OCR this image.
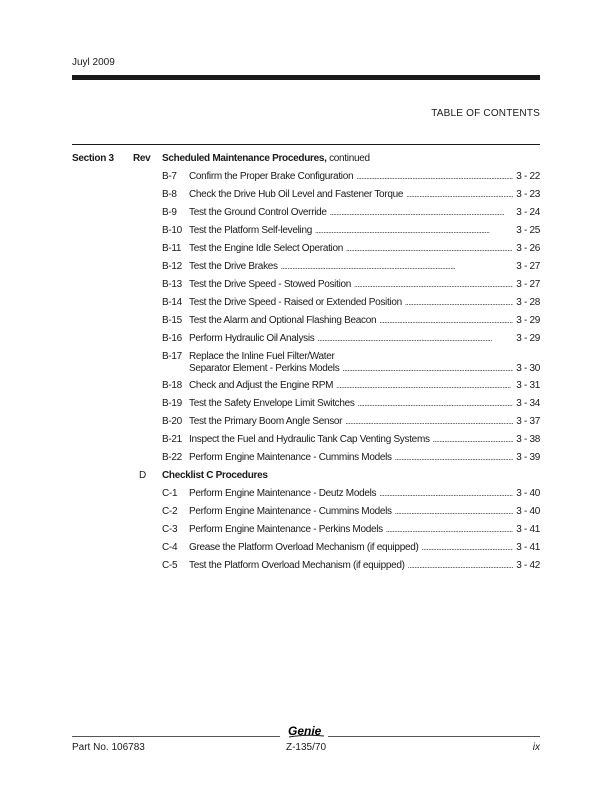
Juyl 2009
TABLE OF CONTENTS
Section 3 Rev Scheduled Maintenance Procedures, continued
B-7	Confirm the Proper Brake Configuration . . .	3 - 22
B-8	Check the Drive Hub Oil Level and Fastener Torque . . .	3 - 23
B-9	Test the Ground Control Override . . .	3 - 24
B-10 Test the Platform Self-leveling . . .	3 - 25
B-11 Test the Engine Idle Select Operation . . .	3 - 26
B-12 Test the Drive Brakes . . .	3 - 27
B-13 Test the Drive Speed - Stowed Position . . .	3 - 27
B-14 Test the Drive Speed - Raised or Extended Position . . .	3 - 28
B-15 Test the Alarm and Optional Flashing Beacon . . .	3 - 29
B-16 Perform Hydraulic Oil Analysis . . .	3 - 29
B-17 Replace the Inline Fuel Filter/Water
Separator Element - Perkins Models . . .	3 - 30
B-18 Check and Adjust the Engine RPM . . .	3 - 31
B-19 Test the Safety Envelope Limit Switches . . .	3 - 34
B-20 Test the Primary Boom Angle Sensor . . .	3 - 37
B-21 Inspect the Fuel and Hydraulic Tank Cap Venting Systems . . .	3 - 38
B-22 Perform Engine Maintenance - Cummins Models . . .	3 - 39
D Checklist C Procedures
C-1	Perform Engine Maintenance - Deutz Models . . .	3 - 40
C-2	Perform Engine Maintenance - Cummins Models . . .	3 - 40
C-3	Perform Engine Maintenance - Perkins Models . . .	3 - 41
C-4	Grease the Platform Overload Mechanism (if equipped) . . .	3 - 41
C-5	Test the Platform Overload Mechanism (if equipped) . . .	3 - 42
Genie
Part No. 106783	Z-135/70	ix
